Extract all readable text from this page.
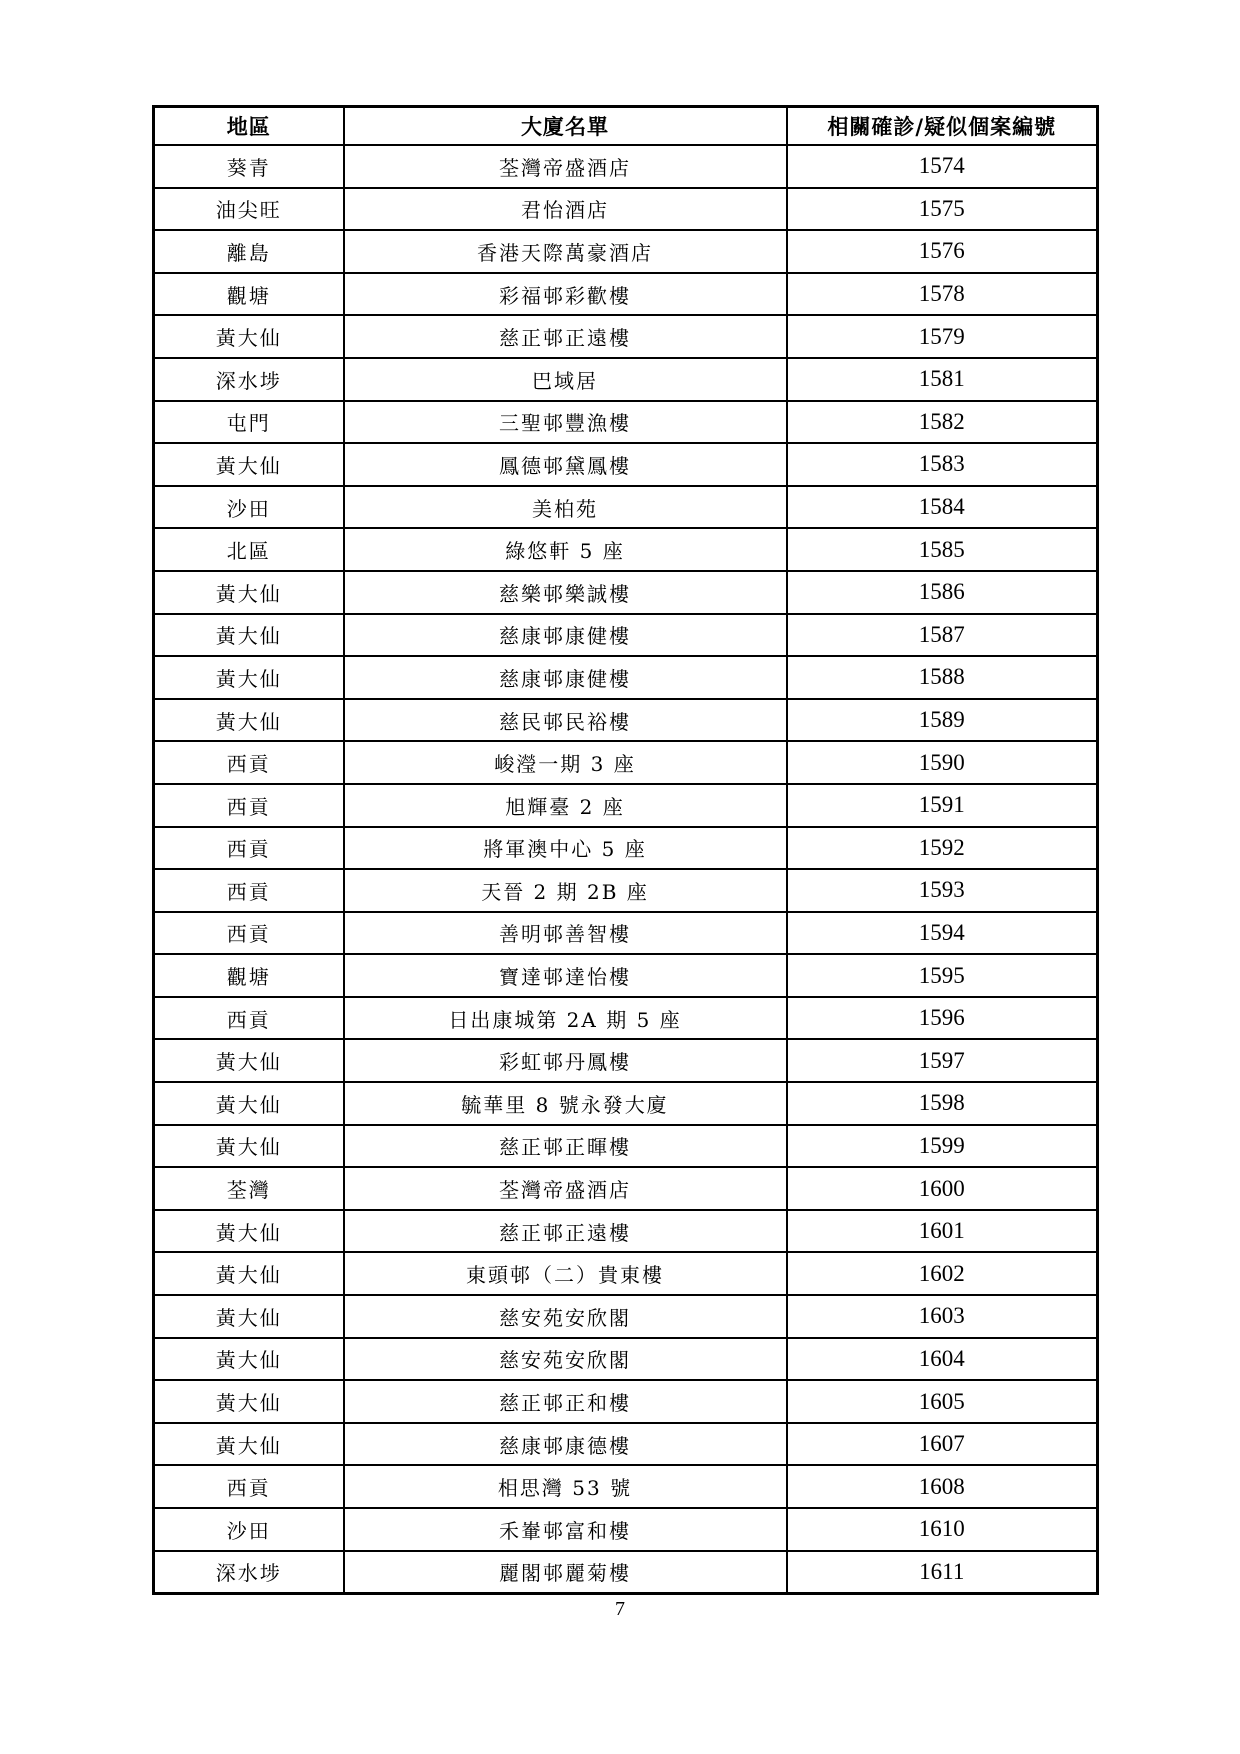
地區	大廈名單	相關確診/疑似個案編號
葵青	荃灣帝盛酒店	1574
油尖旺	君怡酒店	1575
離島	香港天際萬豪酒店	1576
觀塘	彩福邨彩歡樓	1578
黃大仙	慈正邨正遠樓	1579
深水埗	巴域居	1581
屯門	三聖邨豐漁樓	1582
黃大仙	鳳德邨黛鳳樓	1583
沙田	美柏苑	1584
北區	綠悠軒 5 座	1585
黃大仙	慈樂邨樂誠樓	1586
黃大仙	慈康邨康健樓	1587
黃大仙	慈康邨康健樓	1588
黃大仙	慈民邨民裕樓	1589
西貢	峻瀅一期 3 座	1590
西貢	旭輝臺 2 座	1591
西貢	將軍澳中心 5 座	1592
西貢	天晉 2 期 2B 座	1593
西貢	善明邨善智樓	1594
觀塘	寶達邨達怡樓	1595
西貢	日出康城第 2A 期 5 座	1596
黃大仙	彩虹邨丹鳳樓	1597
黃大仙	毓華里 8 號永發大廈	1598
黃大仙	慈正邨正暉樓	1599
荃灣	荃灣帝盛酒店	1600
黃大仙	慈正邨正遠樓	1601
黃大仙	東頭邨（二）貴東樓	1602
黃大仙	慈安苑安欣閣	1603
黃大仙	慈安苑安欣閣	1604
黃大仙	慈正邨正和樓	1605
黃大仙	慈康邨康德樓	1607
西貢	相思灣 53 號	1608
沙田	禾輋邨富和樓	1610
深水埗	麗閣邨麗菊樓	1611
7
